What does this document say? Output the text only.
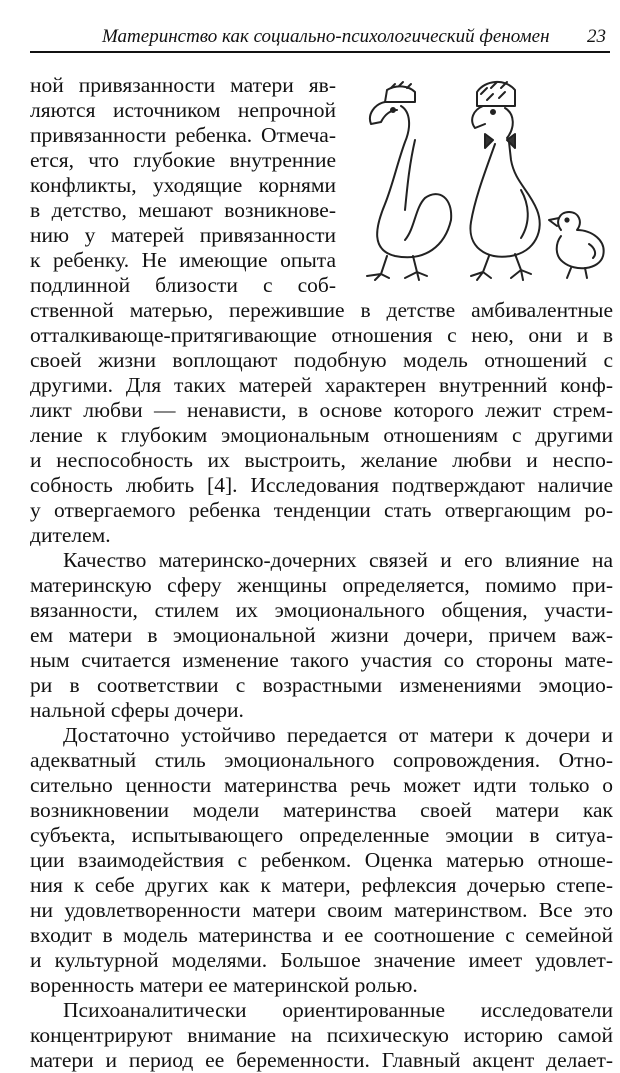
Материнство как социально-психологический феномен 23
ной привязанности матери яв-
ляются источником непрочной
привязанности ребенка. Отмеча-
ется, что глубокие внутренние
конфликты, уходящие корнями
в детство, мешают возникнове-
нию у матерей привязанности
к ребенку. Не имеющие опыта
подлинной близости с соб-
ственной матерью, пережившие в детстве амбивалентные
отталкивающе-притягивающие отношения с нею, они и в
своей жизни воплощают подобную модель отношений с
другими. Для таких матерей характерен внутренний конф-
ликт любви — ненависти, в основе которого лежит стрем-
ление к глубоким эмоциональным отношениям с другими
и неспособность их выстроить, желание любви и неспо-
собность любить [4]. Исследования подтверждают наличие
у отвергаемого ребенка тенденции стать отвергающим ро-
дителем.
Качество материнско-дочерних связей и его влияние на
материнскую сферу женщины определяется, помимо при-
вязанности, стилем их эмоционального общения, участи-
ем матери в эмоциональной жизни дочери, причем важ-
ным считается изменение такого участия со стороны мате-
ри в соответствии с возрастными изменениями эмоцио-
нальной сферы дочери.
Достаточно устойчиво передается от матери к дочери и
адекватный стиль эмоционального сопровождения. Отно-
сительно ценности материнства речь может идти только о
возникновении модели материнства своей матери как
субъекта, испытывающего определенные эмоции в ситуа-
ции взаимодействия с ребенком. Оценка матерью отноше-
ния к себе других как к матери, рефлексия дочерью степе-
ни удовлетворенности матери своим материнством. Все это
входит в модель материнства и ее соотношение с семейной
и культурной моделями. Большое значение имеет удовлет-
воренность матери ее материнской ролью.
Психоаналитически ориентированные исследователи
концентрируют внимание на психическую историю самой
матери и период ее беременности. Главный акцент делает-
